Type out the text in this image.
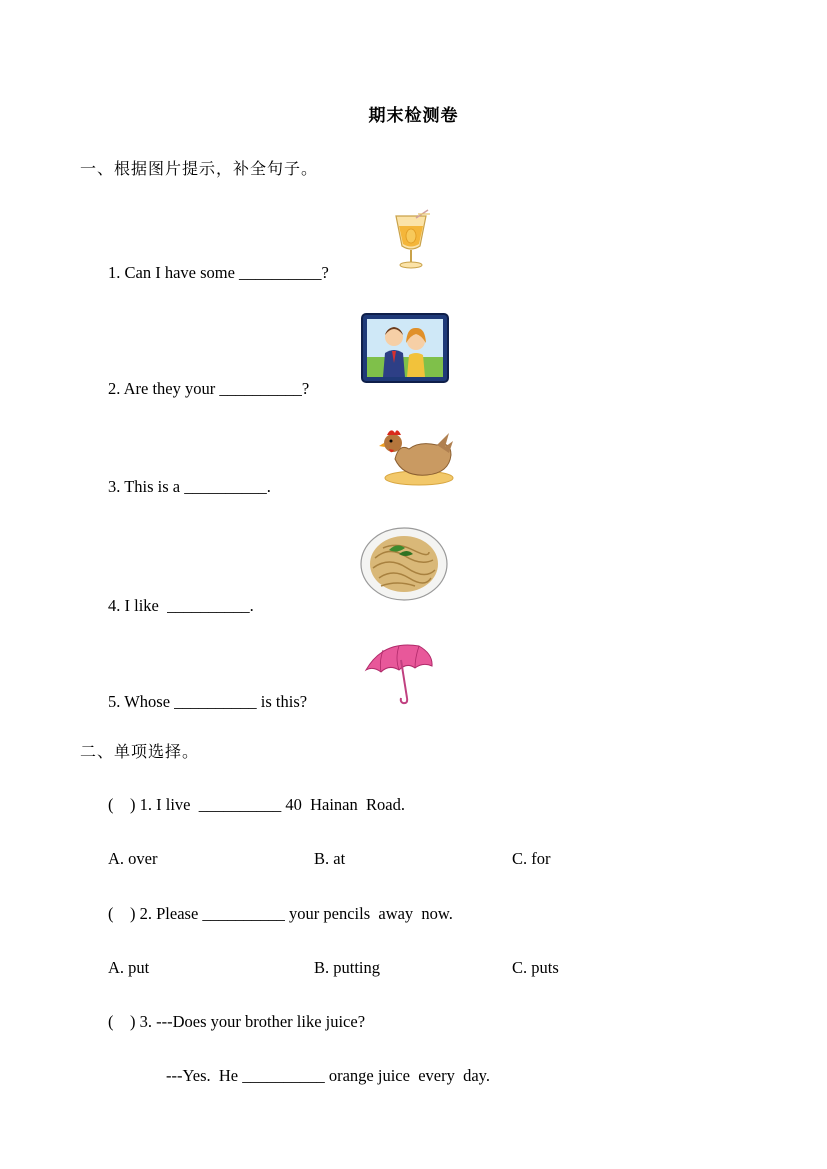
期末检测卷
一、根据图片提示，补全句子。
1. Can I have some __________?
2. Are they your __________?
3. This is a __________.
4. I like  __________.
5. Whose __________ is this?
二、单项选择。
(    ) 1. I live  __________ 40  Hainan  Road.
A. over	B. at	C. for
(    ) 2. Please __________ your pencils  away  now.
A. put	B. putting	C. puts
(    ) 3. ---Does your brother like juice?
---Yes.  He __________ orange juice  every  day.
